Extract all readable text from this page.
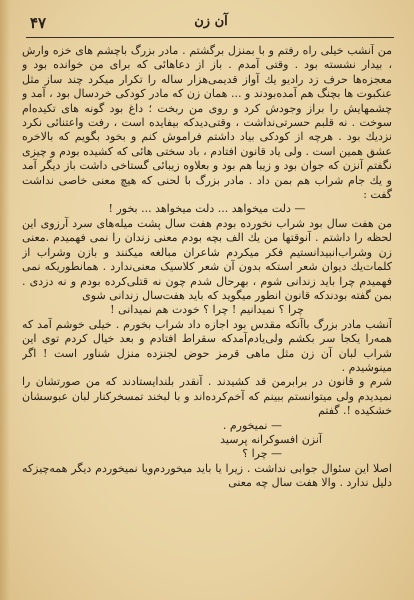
۴۷	آن زن

من آنشب خیلی راه رفتم و با بمنزل برگشتم . مادر بزرگ باچشم های خزه وارش ، بیدار نشسته بود . وقتی آمدم . باز از دعاهائی که برای من خوانده بود و معجزه‌ها حرف زد رادیو یك آواز قدیمی‌هزار ساله را تکرار میکرد چند ساز مثل عنکبوت ها بچنگ هم آمده‌بودند و ... همان زن که مادر کودکی خردسال بود ، آمد و چشمهایش را براز وجودش کرد و روی من ربخت ؛ داغ بود گونه های تکیده‌ام سوخت . نه قلبم حسرتی‌نداشت ، وقتی‌دیدکه بیفایده است ، رفت واعتنائی نکرد نزدیك بود . هرچه از کودکی بیاد داشتم فراموش کنم و بخود بگویم که بالاخره عشق همین است . ولی یاد قانون افتادم ، باد سختی هائی که کشیده بودم و چیزی نگفتم آنزن که جوان بود و زیبا هم بود و بعلاوه زیبائی گستاخی داشت باز دیگر آمد و یك جام شراب هم بمن داد . مادر بزرگ با لحنی که هیچ معنی خاصی نداشت گفت :

— دلت میخواهد ... دلت میخواهد ... بخور !

من هفت سال بود شراب نخورده بودم هفت سال پشت میله‌های سرد آرزوی این لحظه را داشتم . آنوقتها من یك الف بچه بودم معنی زندان را نمی فهمیدم .معنی زن وشراب‌انبیدانستیم فکر میکردم شاعران مبالغه میکنند و بازن وشراب از کلمات‌یك دیوان شعر استکه بدون آن شعر کلاسیک معنی‌ندارد . همانطوریکه نمی فهمیدم چرا باید زندانی شوم ، بهرحال شدم چون نه قتلی‌کرده بودم و نه دزدی . بمن گفته بودندکه قانون انطور میگوید که باید هفت‌سال زندانی شوی

چرا ؟ نمیدانیم ! چرا ؟ خودت هم نمیدانی !

آنشب مادر بزرگ باآنکه مقدس بود اجازه داد شراب بخورم . خیلی خوشم آمد که همه‌را یکجا سر بکشم ولی‌یادم‌آمدکه سقراط افتادم و بعد خیال کردم توی این شراب لبان آن زن مثل ماهی قرمز حوض لجنزده منزل شناور است ! اگر مینوشیدم .

شرم و قانون در برابرمن قد کشیدند . آنقدر بلند‌ایستادند که من صورتشان را نمیدیدم ولی میتوانستم ببینم که آخم‌کرده‌اند و با لبخند تمسخرکنار لبان عبوسشان خشکیده !. گفتم

— نمیخورم .

آنزن افسوکرانه پرسید

— چرا ؟

اصلا این سئوال جوابی نداشت . زیرا یا باید میخوردم‌ویا نمیخوردم دیگر همه‌چیزکه دلیل ندارد . والا هفت سال چه معنی
